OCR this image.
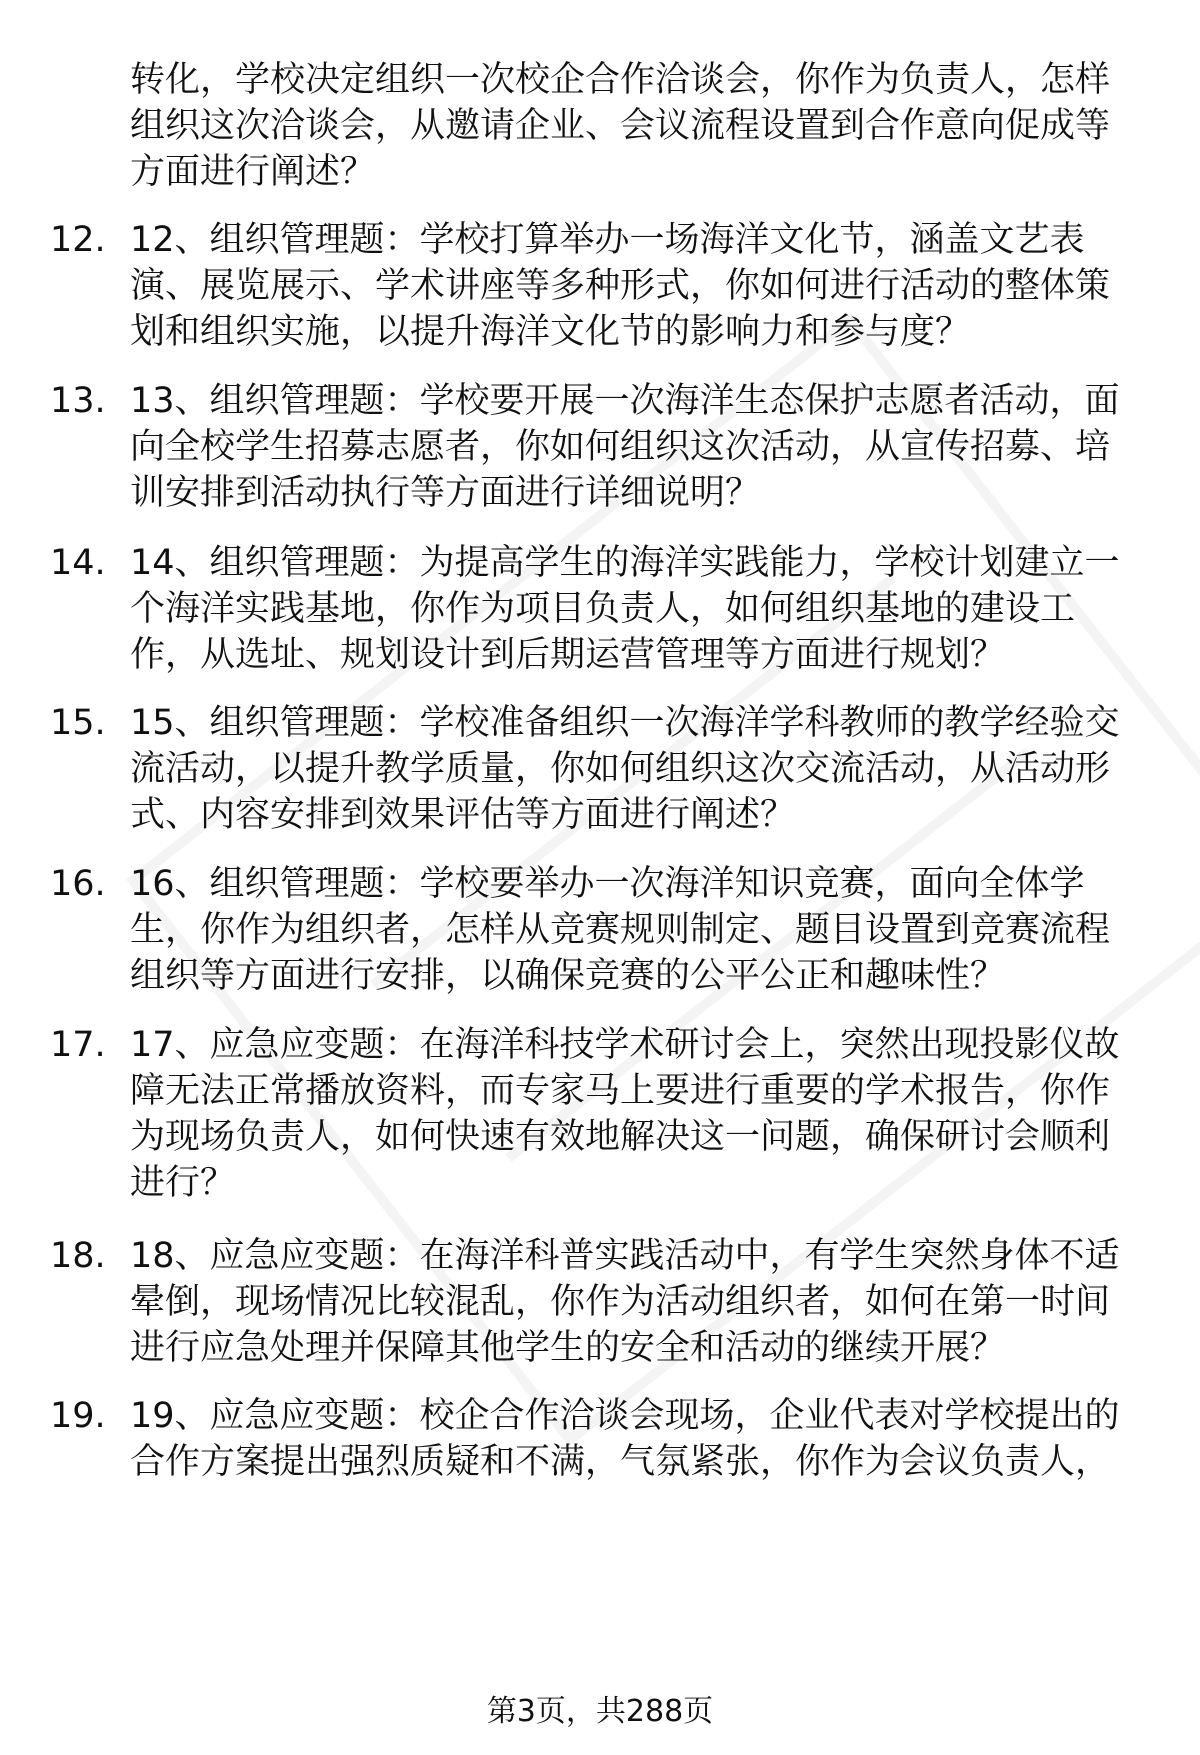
转化，学校决定组织一次校企合作洽谈会，你作为负责人，怎样组织这次洽谈会，从邀请企业、会议流程设置到合作意向促成等方面进行阐述？
12. 12、组织管理题：学校打算举办一场海洋文化节，涵盖文艺表演、展览展示、学术讲座等多种形式，你如何进行活动的整体策划和组织实施，以提升海洋文化节的影响力和参与度？
13. 13、组织管理题：学校要开展一次海洋生态保护志愿者活动，面向全校学生招募志愿者，你如何组织这次活动，从宣传招募、培训安排到活动执行等方面进行详细说明？
14. 14、组织管理题：为提高学生的海洋实践能力，学校计划建立一个海洋实践基地，你作为项目负责人，如何组织基地的建设工作，从选址、规划设计到后期运营管理等方面进行规划？
15. 15、组织管理题：学校准备组织一次海洋学科教师的教学经验交流活动，以提升教学质量，你如何组织这次交流活动，从活动形式、内容安排到效果评估等方面进行阐述？
16. 16、组织管理题：学校要举办一次海洋知识竞赛，面向全体学生，你作为组织者，怎样从竞赛规则制定、题目设置到竞赛流程组织等方面进行安排，以确保竞赛的公平公正和趣味性？
17. 17、应急应变题：在海洋科技学术研讨会上，突然出现投影仪故障无法正常播放资料，而专家马上要进行重要的学术报告，你作为现场负责人，如何快速有效地解决这一问题，确保研讨会顺利进行？
18. 18、应急应变题：在海洋科普实践活动中，有学生突然身体不适晕倒，现场情况比较混乱，你作为活动组织者，如何在第一时间进行应急处理并保障其他学生的安全和活动的继续开展？
19. 19、应急应变题：校企合作洽谈会现场，企业代表对学校提出的合作方案提出强烈质疑和不满，气氛紧张，你作为会议负责人，
第3页，共288页
